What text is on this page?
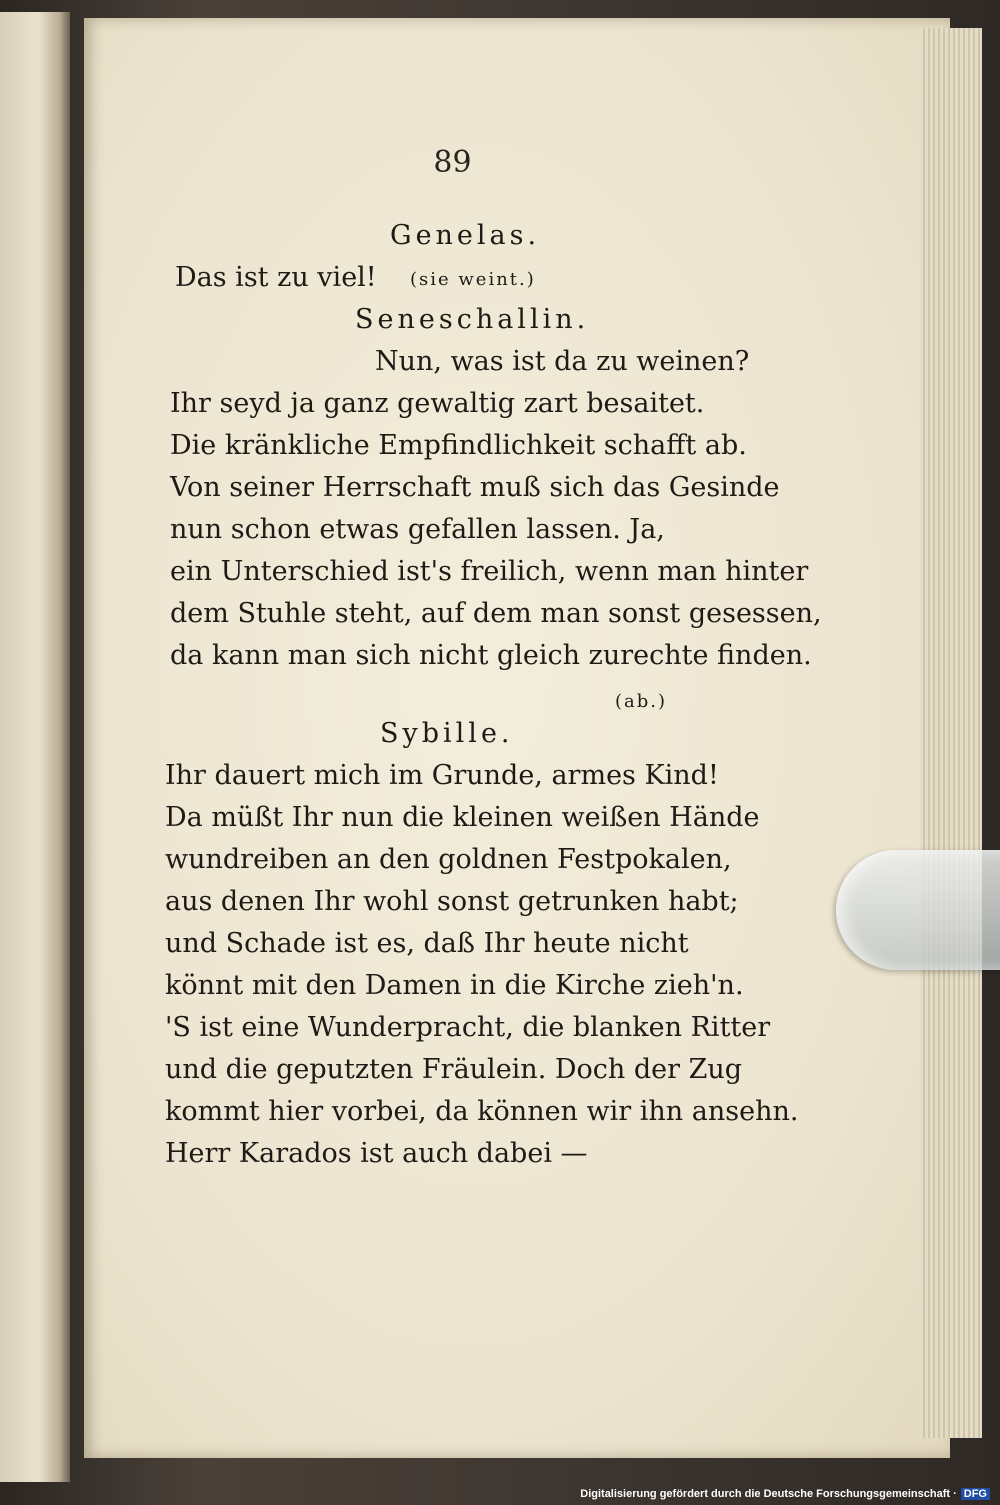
89
Genelas.
Das ist zu viel! (sie weint.)
Seneschallin.
Nun, was ist da zu weinen?
Ihr seyd ja ganz gewaltig zart besaitet.
Die kränkliche Empfindlichkeit schafft ab.
Von seiner Herrschaft muß sich das Gesinde
nun schon etwas gefallen lassen. Ja,
ein Unterschied ist's freilich, wenn man hinter
dem Stuhle steht, auf dem man sonst gesessen,
da kann man sich nicht gleich zurechte finden.
(ab.)
Sybille.
Ihr dauert mich im Grunde, armes Kind!
Da müßt Ihr nun die kleinen weißen Hände
wundreiben an den goldnen Festpokalen,
aus denen Ihr wohl sonst getrunken habt;
und Schade ist es, daß Ihr heute nicht
könnt mit den Damen in die Kirche zieh'n.
'S ist eine Wunderpracht, die blanken Ritter
und die geputzten Fräulein. Doch der Zug
kommt hier vorbei, da können wir ihn ansehn.
Herr Karados ist auch dabei —
Digitalisierung gefördert durch die Deutsche Forschungsgemeinschaft · DFG
